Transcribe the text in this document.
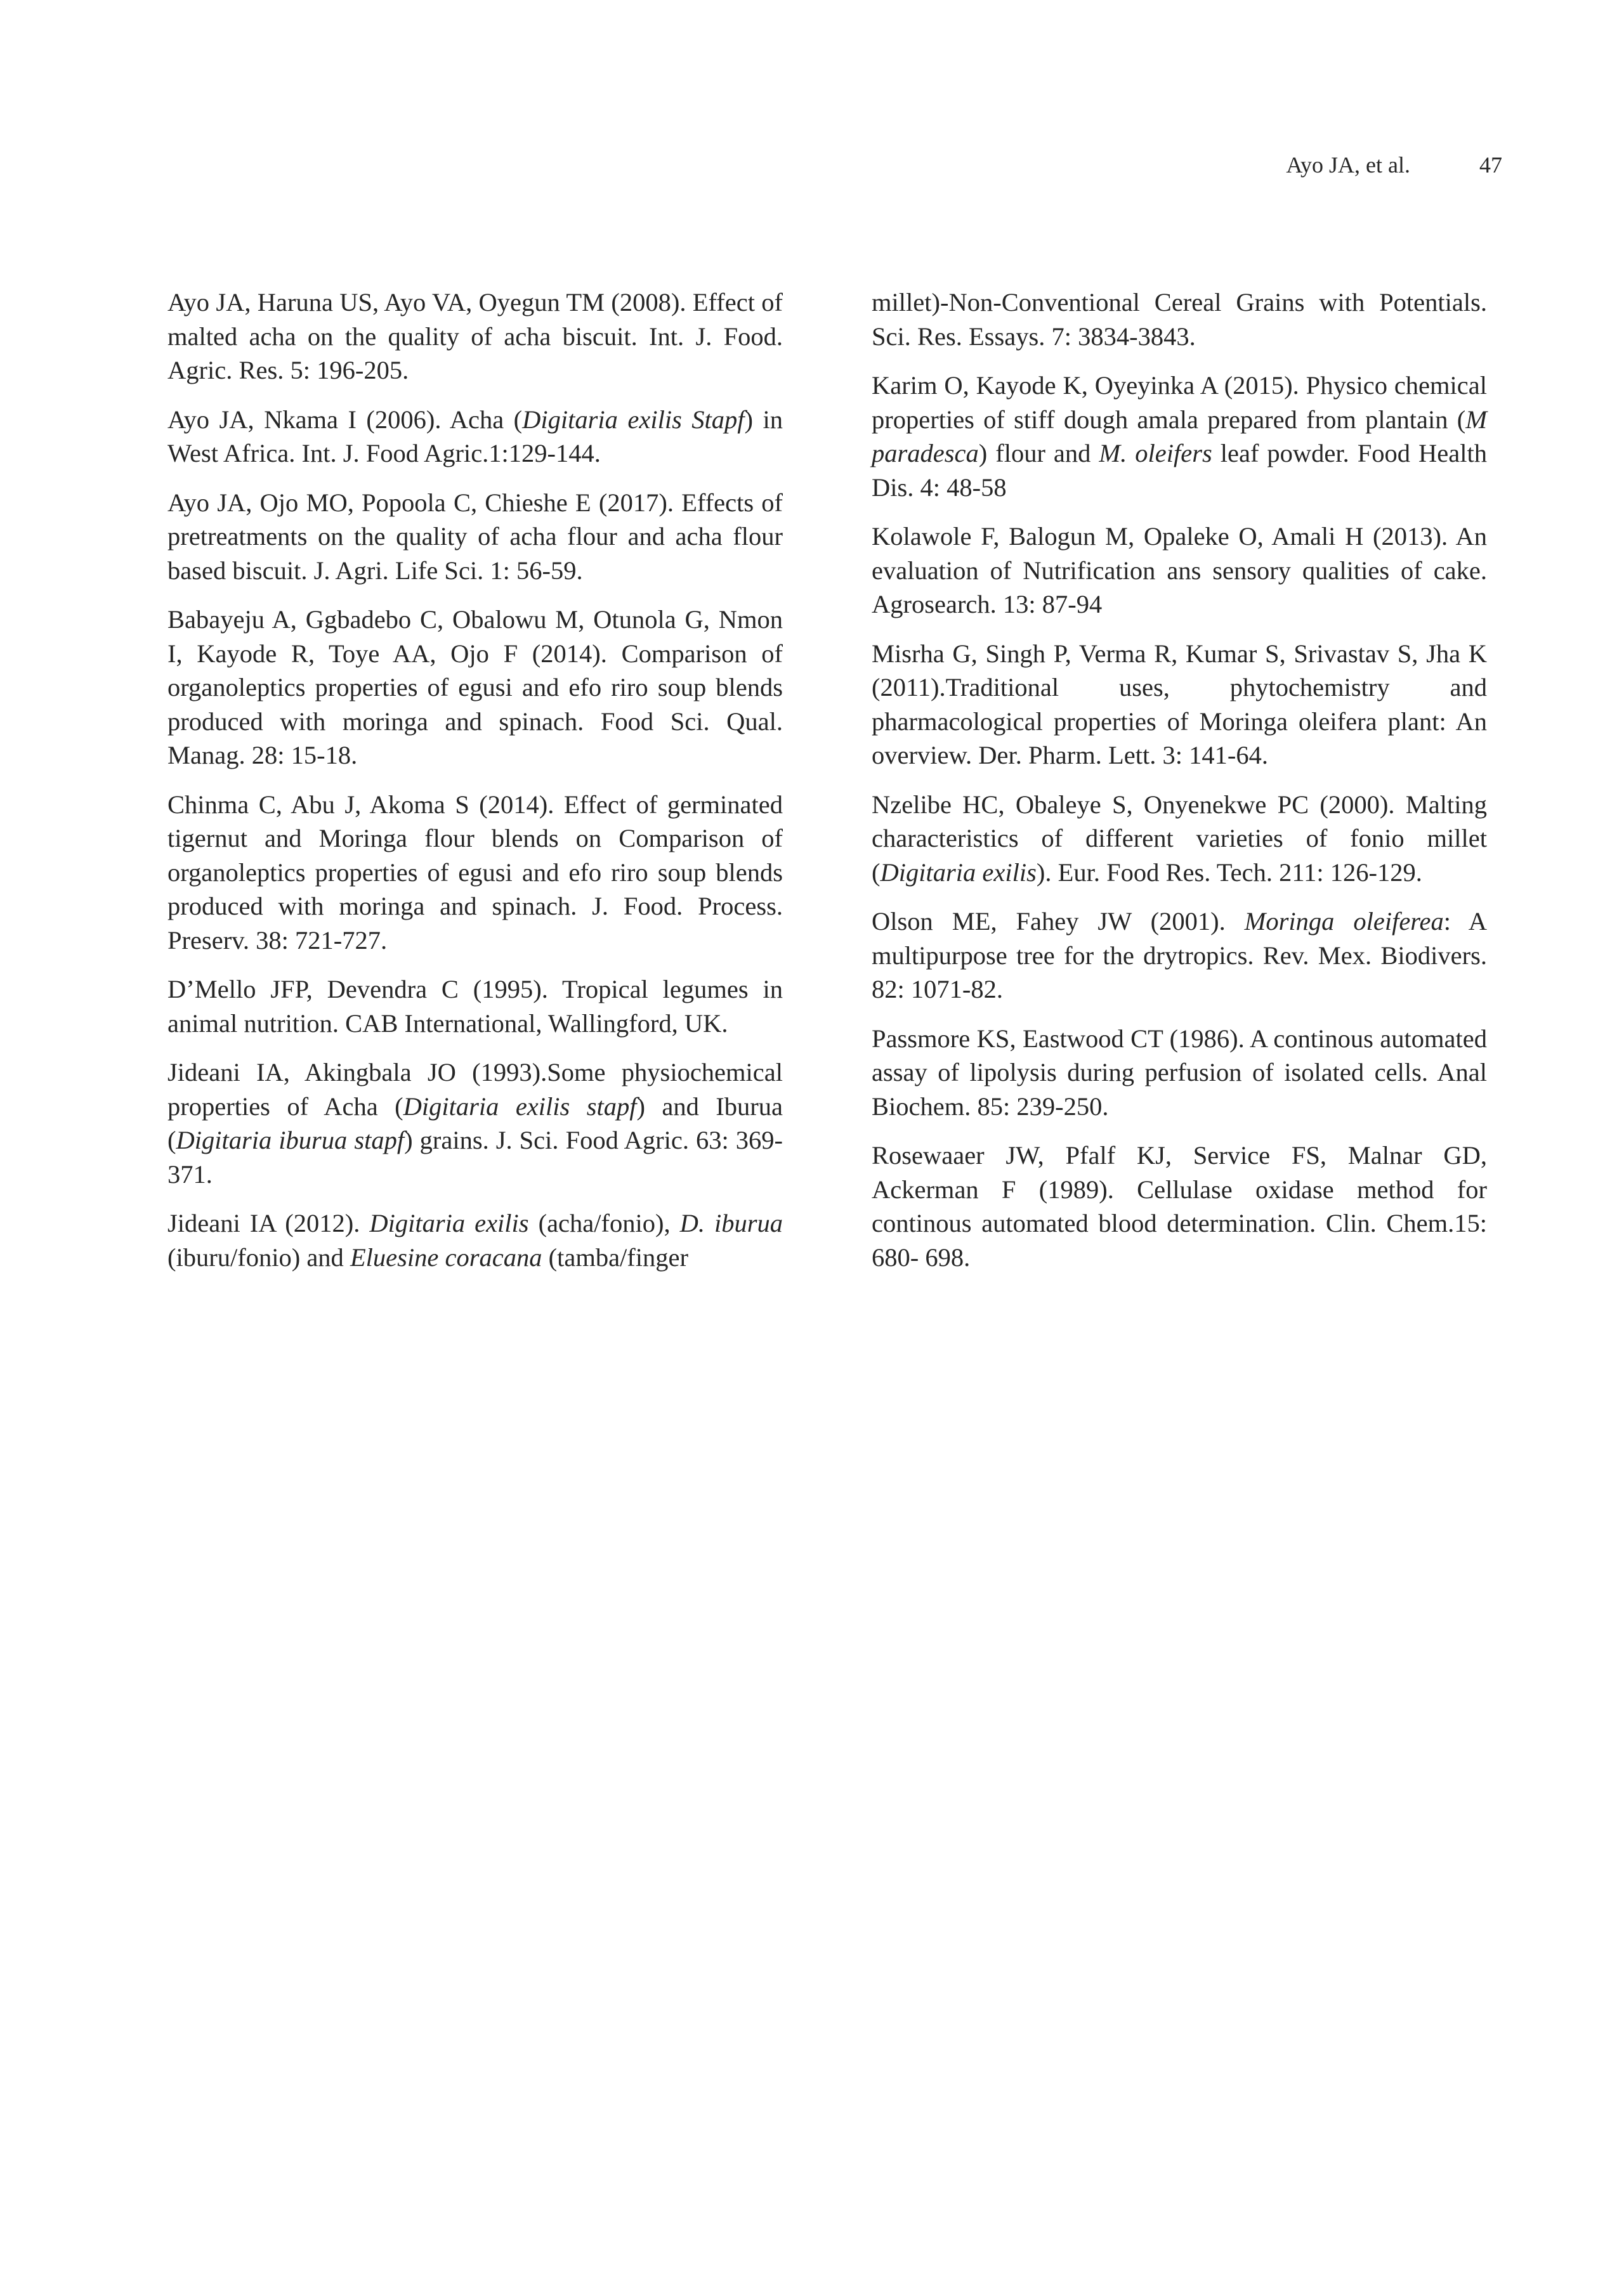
Ayo JA, et al.	47

Ayo JA, Haruna US, Ayo VA, Oyegun TM (2008). Effect of malted acha on the quality of acha biscuit. Int. J. Food. Agric. Res. 5: 196-205.

Ayo JA, Nkama I (2006). Acha (Digitaria exilis Stapf) in West Africa. Int. J. Food Agric.1:129-144.

Ayo JA, Ojo MO, Popoola C, Chieshe E (2017). Effects of pretreatments on the quality of acha flour and acha flour based biscuit. J. Agri. Life Sci. 1: 56-59.

Babayeju A, Ggbadebo C, Obalowu M, Otunola G, Nmon I, Kayode R, Toye AA, Ojo F (2014). Comparison of organoleptics properties of egusi and efo riro soup blends produced with moringa and spinach. Food Sci. Qual. Manag. 28: 15-18.

Chinma C, Abu J, Akoma S (2014). Effect of germinated tigernut and Moringa flour blends on Comparison of organoleptics properties of egusi and efo riro soup blends produced with moringa and spinach. J. Food. Process. Preserv. 38: 721-727.

D’Mello JFP, Devendra C (1995). Tropical legumes in animal nutrition. CAB International, Wallingford, UK.

Jideani IA, Akingbala JO (1993).Some physiochemical properties of Acha (Digitaria exilis stapf) and Iburua (Digitaria iburua stapf) grains. J. Sci. Food Agric. 63: 369-371.

Jideani IA (2012). Digitaria exilis (acha/fonio), D. iburua (iburu/fonio) and Eluesine coracana (tamba/finger

millet)-Non-Conventional Cereal Grains with Potentials. Sci. Res. Essays. 7: 3834-3843.

Karim O, Kayode K, Oyeyinka A (2015). Physico chemical properties of stiff dough amala prepared from plantain (M paradesca) flour and M. oleifers leaf powder. Food Health Dis. 4: 48-58

Kolawole F, Balogun M, Opaleke O, Amali H (2013). An evaluation of Nutrification ans sensory qualities of cake. Agrosearch. 13: 87-94

Misrha G, Singh P, Verma R, Kumar S, Srivastav S, Jha K (2011).Traditional uses, phytochemistry and pharmacological properties of Moringa oleifera plant: An overview. Der. Pharm. Lett. 3: 141-64.

Nzelibe HC, Obaleye S, Onyenekwe PC (2000). Malting characteristics of different varieties of fonio millet (Digitaria exilis). Eur. Food Res. Tech. 211: 126-129.

Olson ME, Fahey JW (2001). Moringa oleiferea: A multipurpose tree for the drytropics. Rev. Mex. Biodivers. 82: 1071-82.

Passmore KS, Eastwood CT (1986). A continous automated assay of lipolysis during perfusion of isolated cells. Anal Biochem. 85: 239-250.

Rosewaaer JW, Pfalf KJ, Service FS, Malnar GD, Ackerman F (1989). Cellulase oxidase method for continous automated blood determination. Clin. Chem.15: 680- 698.
